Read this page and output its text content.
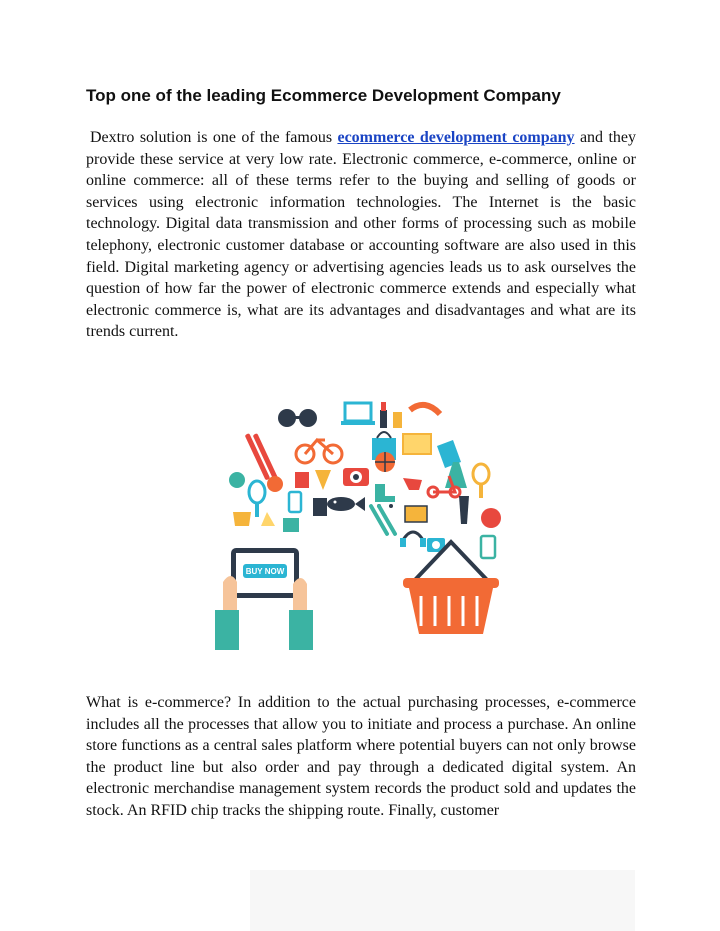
Top one of the leading Ecommerce Development Company

Dextro solution is one of the famous ecommerce development company and they provide these service at very low rate. Electronic commerce, e-commerce, online or online commerce: all of these terms refer to the buying and selling of goods or services using electronic information technologies. The Internet is the basic technology. Digital data transmission and other forms of processing such as mobile telephony, electronic customer database or accounting software are also used in this field. Digital marketing agency or advertising agencies leads us to ask ourselves the question of how far the power of electronic commerce extends and especially what electronic commerce is, what are its advantages and disadvantages and what are its trends current.

BUY NOW

What is e-commerce? In addition to the actual purchasing processes, e-commerce includes all the processes that allow you to initiate and process a purchase. An online store functions as a central sales platform where potential buyers can not only browse the product line but also order and pay through a dedicated digital system. An electronic merchandise management system records the product sold and updates the stock. An RFID chip tracks the shipping route. Finally, customer
